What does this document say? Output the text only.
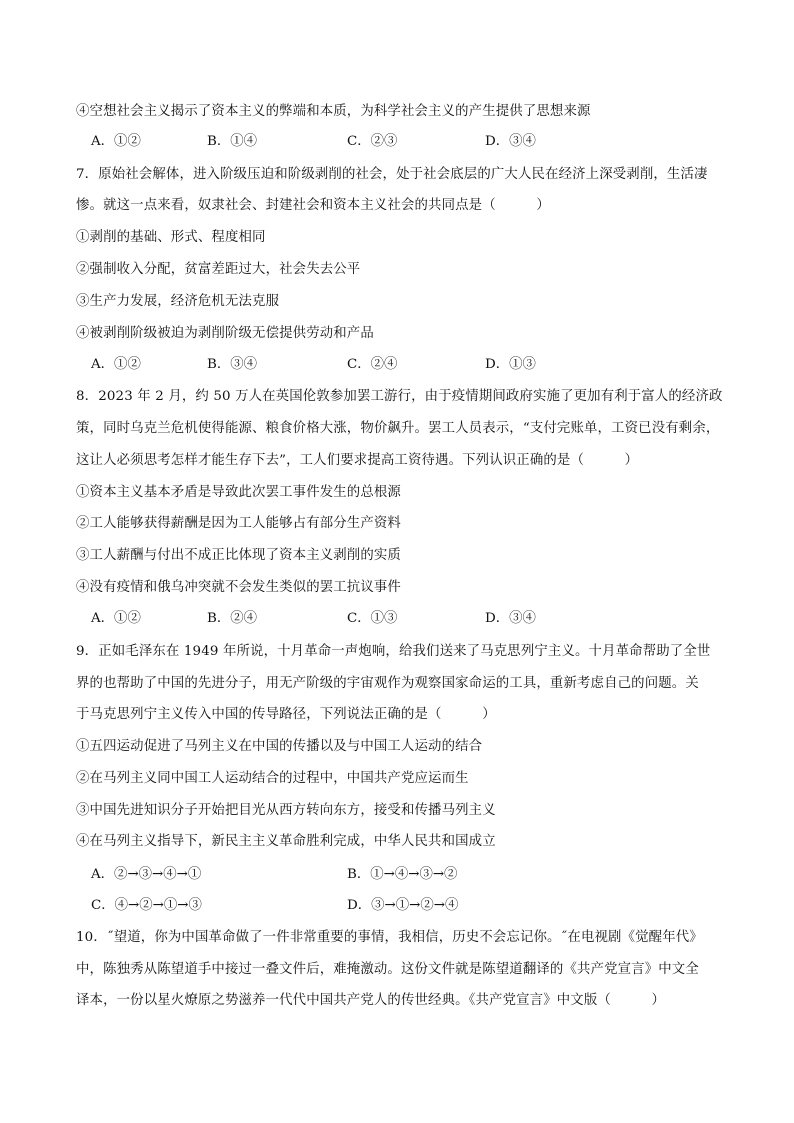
④空想社会主义揭示了资本主义的弊端和本质，为科学社会主义的产生提供了思想来源
A．①②	B．①④	C．②③	D．③④
7．原始社会解体，进入阶级压迫和阶级剥削的社会，处于社会底层的广大人民在经济上深受剥削，生活凄
惨。就这一点来看，奴隶社会、封建社会和资本主义社会的共同点是（　　　）
①剥削的基础、形式、程度相同
②强制收入分配，贫富差距过大，社会失去公平
③生产力发展，经济危机无法克服
④被剥削阶级被迫为剥削阶级无偿提供劳动和产品
A．①②	B．③④	C．②④	D．①③
8．2023 年 2 月，约 50 万人在英国伦敦参加罢工游行，由于疫情期间政府实施了更加有利于富人的经济政
策，同时乌克兰危机使得能源、粮食价格大涨，物价飙升。罢工人员表示，“支付完账单，工资已没有剩余，
这让人必须思考怎样才能生存下去”，工人们要求提高工资待遇。下列认识正确的是（　　　）
①资本主义基本矛盾是导致此次罢工事件发生的总根源
②工人能够获得薪酬是因为工人能够占有部分生产资料
③工人薪酬与付出不成正比体现了资本主义剥削的实质
④没有疫情和俄乌冲突就不会发生类似的罢工抗议事件
A．①②	B．②④	C．①③	D．③④
9．正如毛泽东在 1949 年所说，十月革命一声炮响，给我们送来了马克思列宁主义。十月革命帮助了全世
界的也帮助了中国的先进分子，用无产阶级的宇宙观作为观察国家命运的工具，重新考虑自己的问题。关
于马克思列宁主义传入中国的传导路径，下列说法正确的是（　　　）
①五四运动促进了马列主义在中国的传播以及与中国工人运动的结合
②在马列主义同中国工人运动结合的过程中，中国共产党应运而生
③中国先进知识分子开始把目光从西方转向东方，接受和传播马列主义
④在马列主义指导下，新民主主义革命胜利完成，中华人民共和国成立
A．②→③→④→①	B．①→④→③→②
C．④→②→①→③	D．③→①→②→④
10．˝望道，你为中国革命做了一件非常重要的事情，我相信，历史不会忘记你。˝在电视剧《觉醒年代》
中，陈独秀从陈望道手中接过一叠文件后，难掩激动。这份文件就是陈望道翻译的《共产党宣言》中文全
译本，一份以星火燎原之势滋养一代代中国共产党人的传世经典。《共产党宣言》中文版（　　　）
